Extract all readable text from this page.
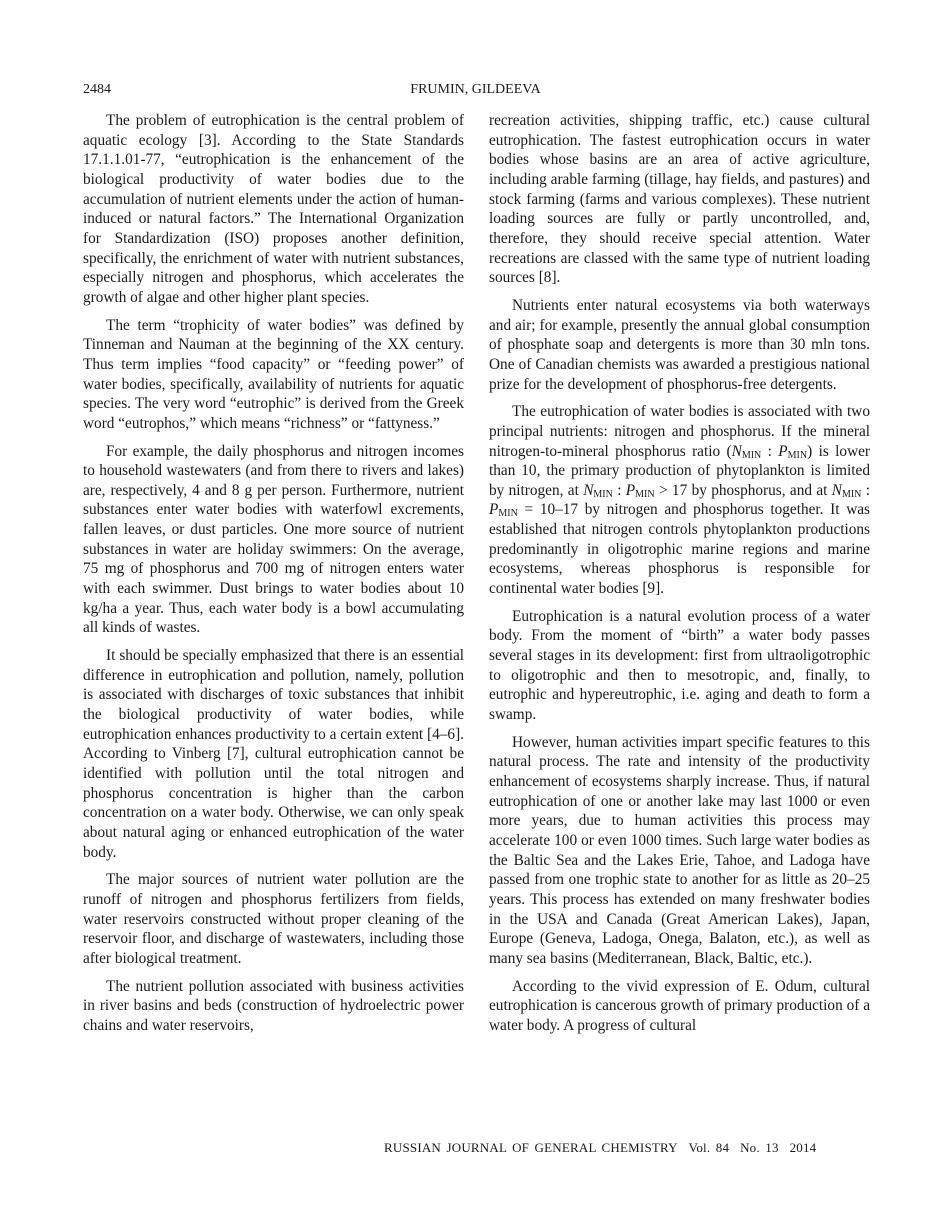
2484	FRUMIN, GILDEEVA

The problem of eutrophication is the central problem of aquatic ecology [3]. According to the State Standards 17.1.1.01-77, “eutrophication is the enhancement of the biological productivity of water bodies due to the accumulation of nutrient elements under the action of human-induced or natural factors.” The International Organization for Standardization (ISO) proposes another definition, specifically, the enrichment of water with nutrient substances, especially nitrogen and phosphorus, which accelerates the growth of algae and other higher plant species.

The term “trophicity of water bodies” was defined by Tinneman and Nauman at the beginning of the XX century. Thus term implies “food capacity” or “feeding power” of water bodies, specifically, availability of nutrients for aquatic species. The very word “eutrophic” is derived from the Greek word “eutrophos,” which means “richness” or “fattyness.”

For example, the daily phosphorus and nitrogen incomes to household wastewaters (and from there to rivers and lakes) are, respectively, 4 and 8 g per person. Furthermore, nutrient substances enter water bodies with waterfowl excrements, fallen leaves, or dust particles. One more source of nutrient substances in water are holiday swimmers: On the average, 75 mg of phosphorus and 700 mg of nitrogen enters water with each swimmer. Dust brings to water bodies about 10 kg/ha a year. Thus, each water body is a bowl accumulating all kinds of wastes.

It should be specially emphasized that there is an essential difference in eutrophication and pollution, namely, pollution is associated with discharges of toxic substances that inhibit the biological productivity of water bodies, while eutrophication enhances productivity to a certain extent [4–6]. According to Vinberg [7], cultural eutrophication cannot be identified with pollution until the total nitrogen and phosphorus concentration is higher than the carbon concentration on a water body. Otherwise, we can only speak about natural aging or enhanced eutrophication of the water body.

The major sources of nutrient water pollution are the runoff of nitrogen and phosphorus fertilizers from fields, water reservoirs constructed without proper cleaning of the reservoir floor, and discharge of wastewaters, including those after biological treatment.

The nutrient pollution associated with business activities in river basins and beds (construction of hydroelectric power chains and water reservoirs,

recreation activities, shipping traffic, etc.) cause cultural eutrophication. The fastest eutrophication occurs in water bodies whose basins are an area of active agriculture, including arable farming (tillage, hay fields, and pastures) and stock farming (farms and various complexes). These nutrient loading sources are fully or partly uncontrolled, and, therefore, they should receive special attention. Water recreations are classed with the same type of nutrient loading sources [8].

Nutrients enter natural ecosystems via both waterways and air; for example, presently the annual global consumption of phosphate soap and detergents is more than 30 mln tons. One of Canadian chemists was awarded a prestigious national prize for the development of phosphorus-free detergents.

The eutrophication of water bodies is associated with two principal nutrients: nitrogen and phosphorus. If the mineral nitrogen-to-mineral phosphorus ratio ($N_{MIN}$ : $P_{MIN}$) is lower than 10, the primary production of phytoplankton is limited by nitrogen, at $N_{MIN}$ : $P_{MIN} > 17$ by phosphorus, and at $N_{MIN}$ : $P_{MIN} = 10-17$ by nitrogen and phosphorus together. It was established that nitrogen controls phytoplankton productions predominantly in oligotrophic marine regions and marine ecosystems, whereas phosphorus is responsible for continental water bodies [9].

Eutrophication is a natural evolution process of a water body. From the moment of “birth” a water body passes several stages in its development: first from ultraoligotrophic to oligotrophic and then to mesotropic, and, finally, to eutrophic and hypereutrophic, i.e. aging and death to form a swamp.

However, human activities impart specific features to this natural process. The rate and intensity of the productivity enhancement of ecosystems sharply increase. Thus, if natural eutrophication of one or another lake may last 1000 or even more years, due to human activities this process may accelerate 100 or even 1000 times. Such large water bodies as the Baltic Sea and the Lakes Erie, Tahoe, and Ladoga have passed from one trophic state to another for as little as 20–25 years. This process has extended on many freshwater bodies in the USA and Canada (Great American Lakes), Japan, Europe (Geneva, Ladoga, Onega, Balaton, etc.), as well as many sea basins (Mediterranean, Black, Baltic, etc.).

According to the vivid expression of E. Odum, cultural eutrophication is cancerous growth of primary production of a water body. A progress of cultural

RUSSIAN JOURNAL OF GENERAL CHEMISTRY Vol. 84 No. 13 2014
